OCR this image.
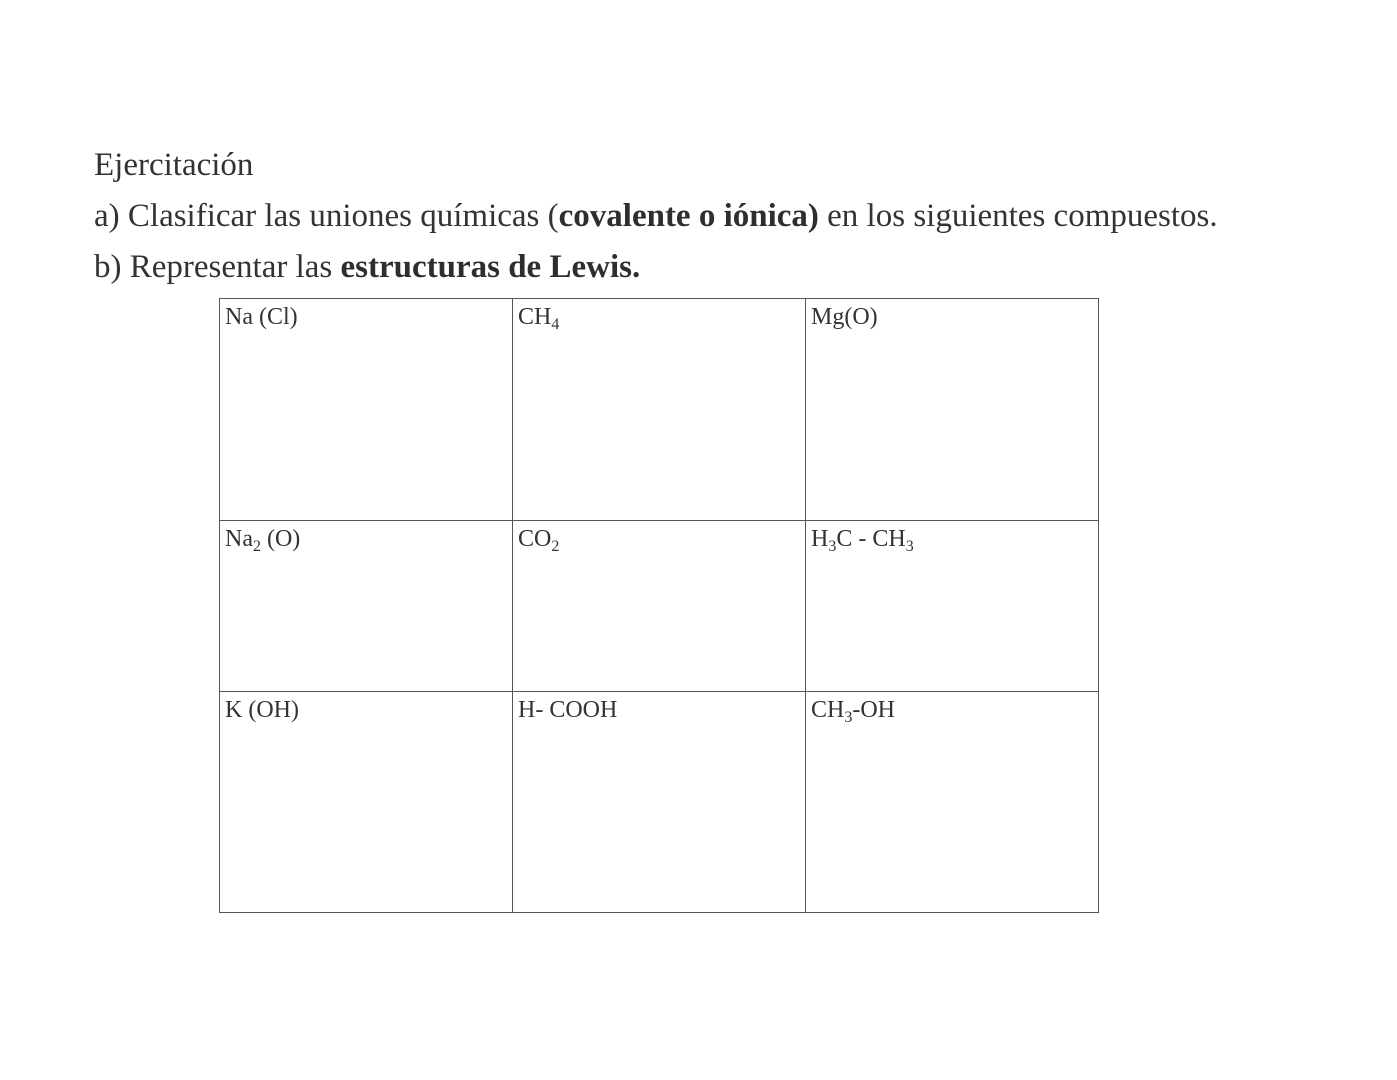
Ejercitación
a) Clasificar las uniones químicas (covalente o iónica) en los siguientes compuestos.
b) Representar las estructuras de Lewis.
Na (Cl)	$CH_4$	Mg(O)
$Na_2$ (O)	$CO_2$	$H_3C - CH_3$
K (OH)	H- COOH	$CH_3-OH$
